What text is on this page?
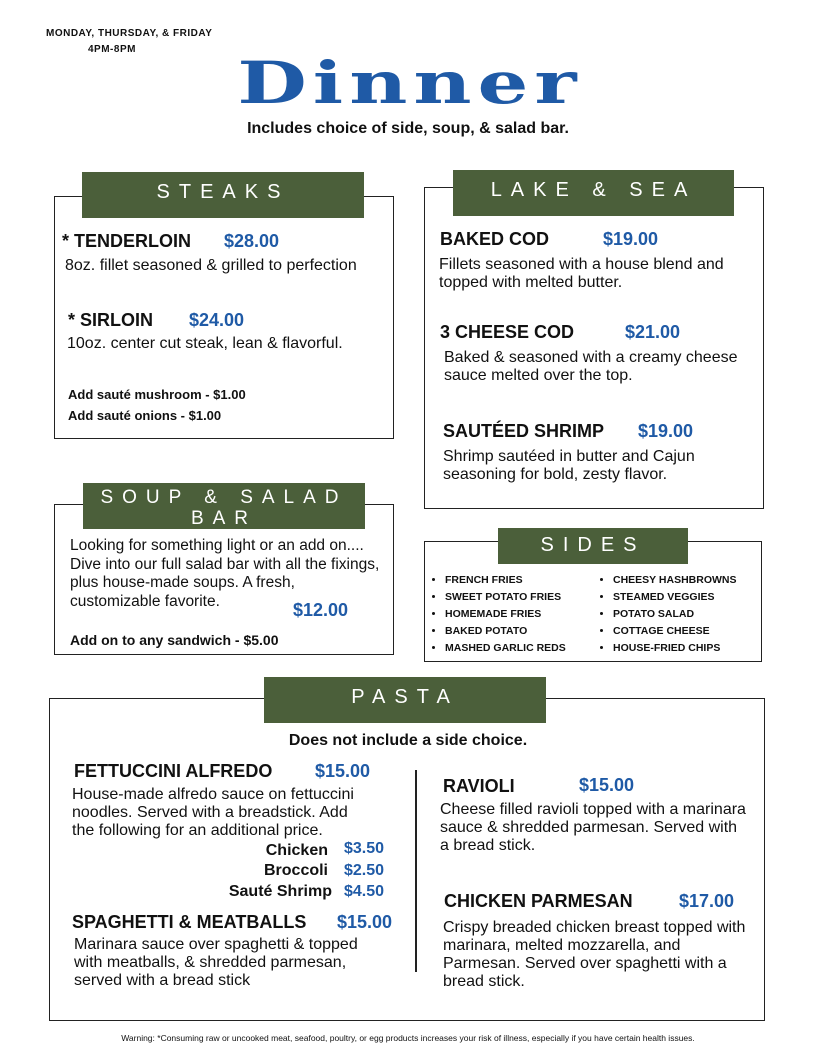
MONDAY, THURSDAY, & FRIDAY
4PM-8PM	Dinner
Includes choice of side, soup, & salad bar.
STEAKS
* TENDERLOIN $28.00
8oz. fillet seasoned & grilled to perfection
* SIRLOIN $24.00
10oz. center cut steak, lean & flavorful.
Add sauté mushroom - $1.00
Add sauté onions - $1.00
LAKE & SEA
BAKED COD	$19.00
Fillets seasoned with a house blend and topped with melted butter.
3 CHEESE COD	$21.00
Baked & seasoned with a creamy cheese sauce melted over the top.
SAUTÉED SHRIMP $19.00
Shrimp sautéed in butter and Cajun seasoning for bold, zesty flavor.
SOUP & SALAD BAR
Looking for something light or an add on.... Dive into our full salad bar with all the fixings, plus house-made soups. A fresh, customizable favorite.	$12.00
Add on to any sandwich - $5.00
SIDES
• FRENCH FRIES
• SWEET POTATO FRIES
• HOMEMADE FRIES
• BAKED POTATO
• MASHED GARLIC REDS
• CHEESY HASHBROWNS
• STEAMED VEGGIES
• POTATO SALAD
• COTTAGE CHEESE
• HOUSE-FRIED CHIPS
PASTA
Does not include a side choice.
FETTUCCINI ALFREDO $15.00
House-made alfredo sauce on fettuccini noodles. Served with a breadstick. Add the following for an additional price.
Chicken $3.50
Broccoli $2.50
Sauté Shrimp $4.50
SPAGHETTI & MEATBALLS $15.00
Marinara sauce over spaghetti & topped with meatballs, & shredded parmesan, served with a bread stick
RAVIOLI	$15.00
Cheese filled ravioli topped with a marinara sauce & shredded parmesan. Served with a bread stick.
CHICKEN PARMESAN	$17.00
Crispy breaded chicken breast topped with marinara, melted mozzarella, and Parmesan. Served over spaghetti with a bread stick.
Warning: *Consuming raw or uncooked meat, seafood, poultry, or egg products increases your risk of illness, especially if you have certain health issues.
